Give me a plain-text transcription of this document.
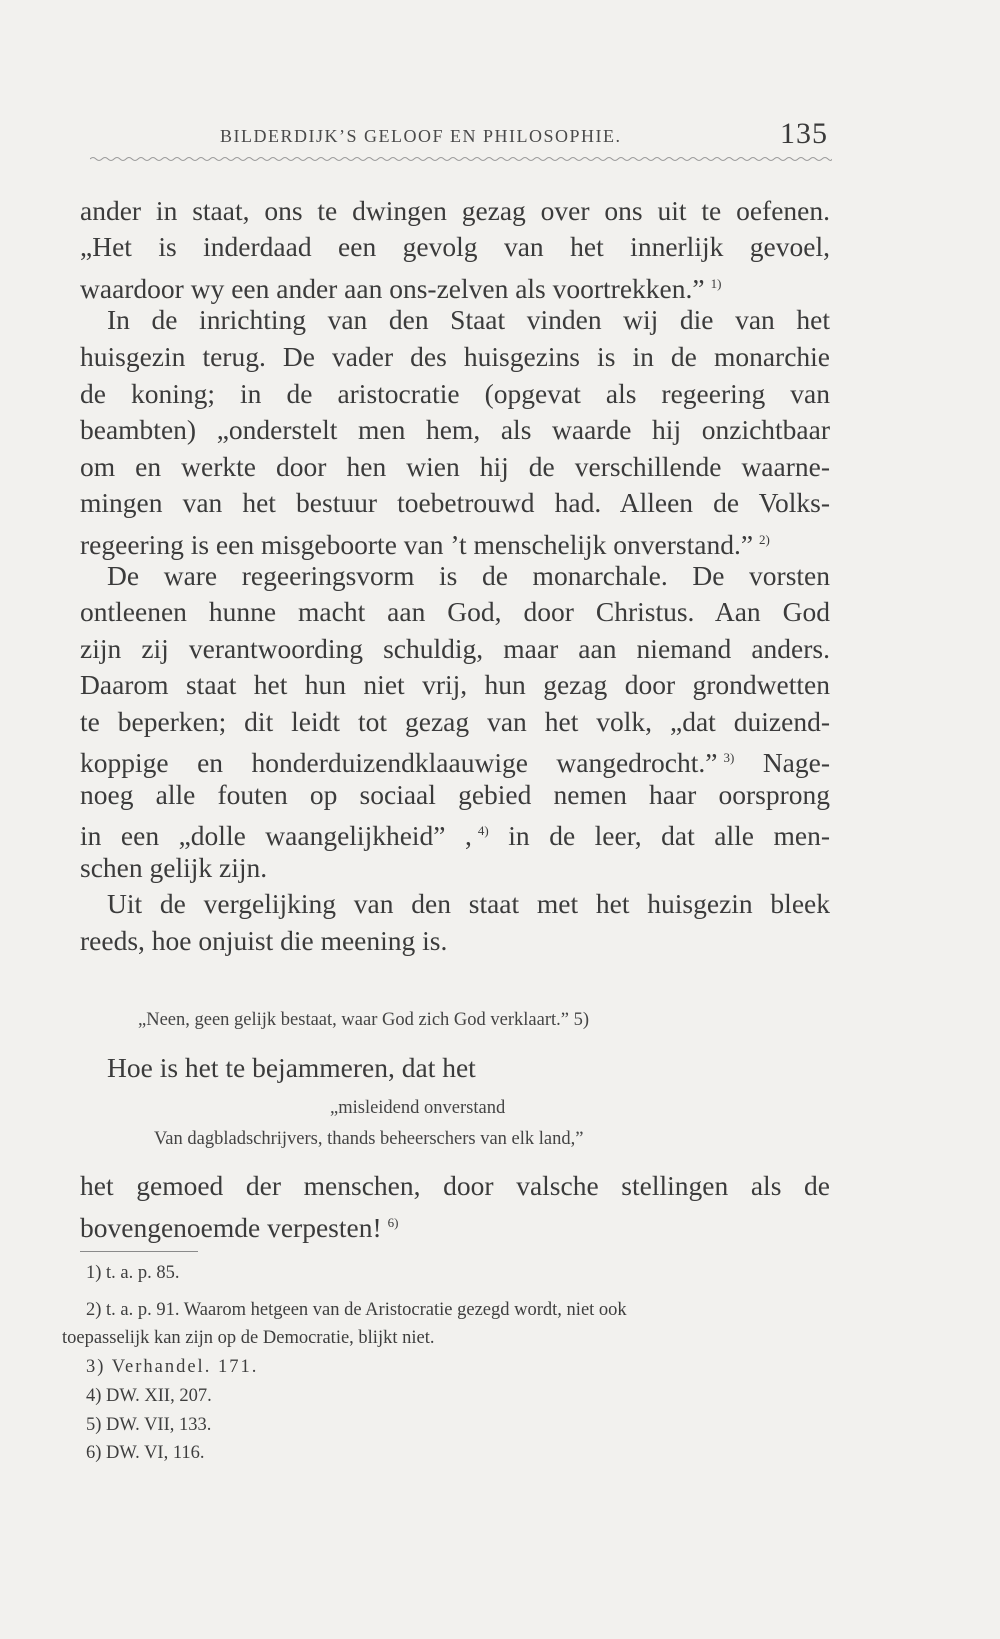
BILDERDIJK’S GELOOF EN PHILOSOPHIE.	135
ander in staat, ons te dwingen gezag over ons uit te oefenen.
„Het is inderdaad een gevolg van het innerlijk gevoel,
waardoor wy een ander aan ons-zelven als voortrekken.” $^{1)}$
In de inrichting van den Staat vinden wij die van het
huisgezin terug. De vader des huisgezins is in de monarchie
de koning; in de aristocratie (opgevat als regeering van
beambten) „onderstelt men hem, als waarde hij onzichtbaar
om en werkte door hen wien hij de verschillende waarne-
mingen van het bestuur toebetrouwd had. Alleen de Volks-
regeering is een misgeboorte van ’t menschelijk onverstand.” $^{2)}$
De ware regeeringsvorm is de monarchale. De vorsten
ontleenen hunne macht aan God, door Christus. Aan God
zijn zij verantwoording schuldig, maar aan niemand anders.
Daarom staat het hun niet vrij, hun gezag door grondwetten
te beperken; dit leidt tot gezag van het volk, „dat duizend-
koppige en honderduizendklaauwige wangedrocht.” $^{3)}$ Nage-
noeg alle fouten op sociaal gebied nemen haar oorsprong
in een „dolle waangelijkheid” , $^{4)}$ in de leer, dat alle men-
schen gelijk zijn.
Uit de vergelijking van den staat met het huisgezin bleek
reeds, hoe onjuist die meening is.
„Neen, geen gelijk bestaat, waar God zich God verklaart.” 5)
Hoe is het te bejammeren, dat het
„misleidend onverstand
Van dagbladschrijvers, thands beheerschers van elk land,”
het gemoed der menschen, door valsche stellingen als de
bovengenoemde verpesten! $^{6)}$
1) t. a. p. 85.
2) t. a. p. 91. Waarom hetgeen van de Aristocratie gezegd wordt, niet ook
toepasselijk kan zijn op de Democratie, blijkt niet.
3) Verhandel. 171.
4) DW. XII, 207.
5) DW. VII, 133.
6) DW. VI, 116.
